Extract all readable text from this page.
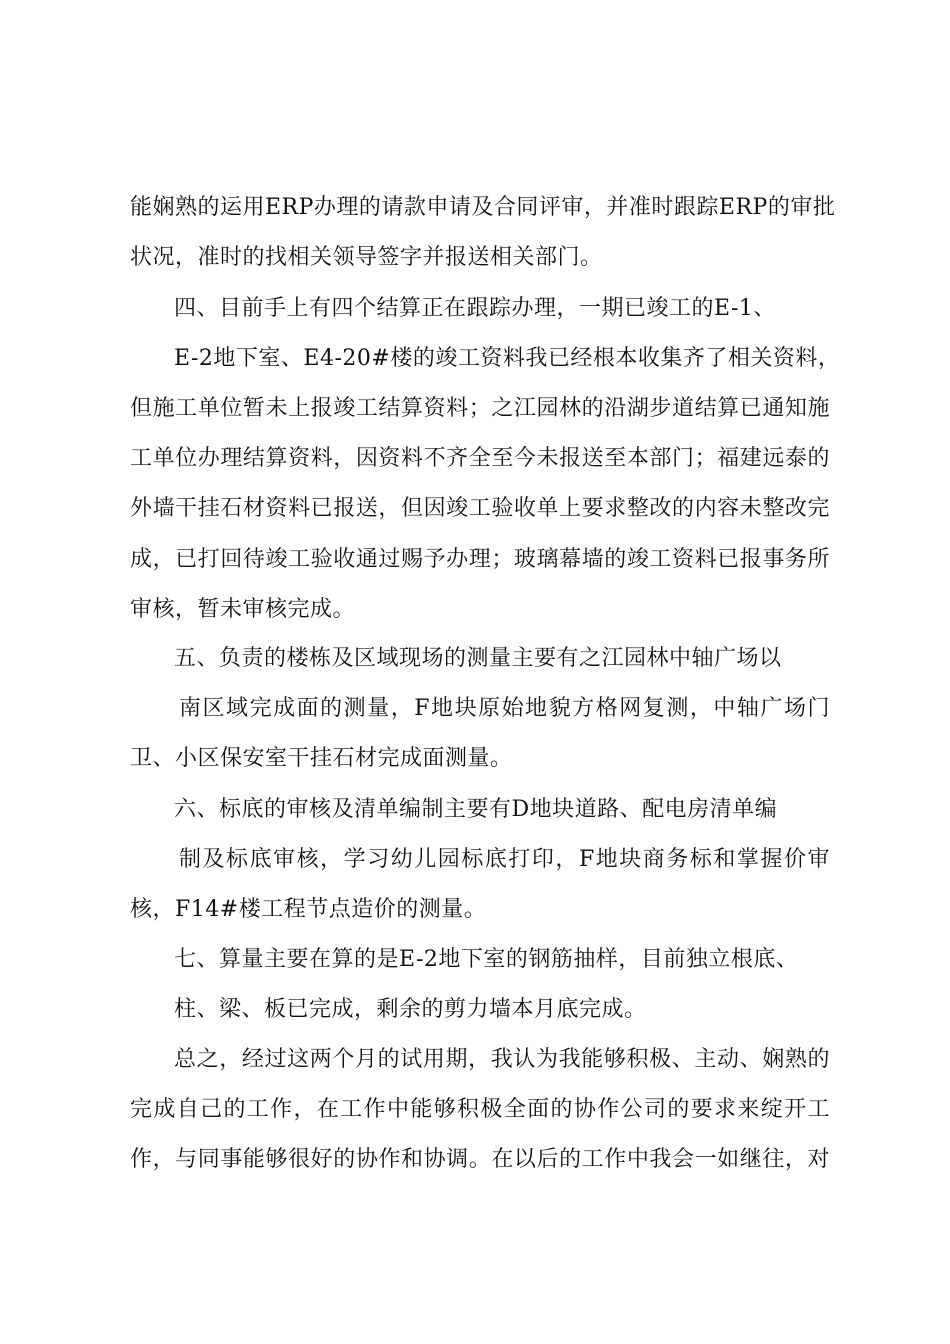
能娴熟的运用ERP办理的请款申请及合同评审，并准时跟踪ERP的审批
状况，准时的找相关领导签字并报送相关部门。
四、目前手上有四个结算正在跟踪办理，一期已竣工的E-1、
E-2地下室、E4-20#楼的竣工资料我已经根本收集齐了相关资料，
但施工单位暂未上报竣工结算资料；之江园林的沿湖步道结算已通知施
工单位办理结算资料，因资料不齐全至今未报送至本部门；福建远泰的
外墙干挂石材资料已报送，但因竣工验收单上要求整改的内容未整改完
成，已打回待竣工验收通过赐予办理；玻璃幕墙的竣工资料已报事务所
审核，暂未审核完成。
五、负责的楼栋及区域现场的测量主要有之江园林中轴广场以
南区域完成面的测量，F地块原始地貌方格网复测，中轴广场门
卫、小区保安室干挂石材完成面测量。
六、标底的审核及清单编制主要有D地块道路、配电房清单编
制及标底审核，学习幼儿园标底打印，F地块商务标和掌握价审
核，F14#楼工程节点造价的测量。
七、算量主要在算的是E-2地下室的钢筋抽样，目前独立根底、
柱、梁、板已完成，剩余的剪力墙本月底完成。
总之，经过这两个月的试用期，我认为我能够积极、主动、娴熟的
完成自己的工作，在工作中能够积极全面的协作公司的要求来绽开工
作，与同事能够很好的协作和协调。在以后的工作中我会一如继往，对
